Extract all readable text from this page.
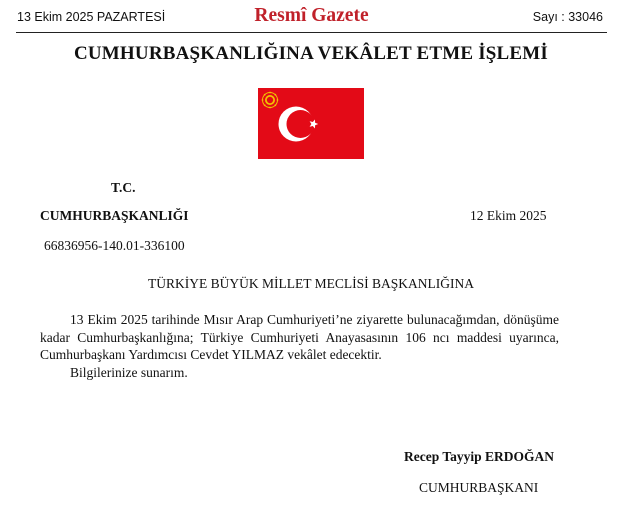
13 Ekim 2025 PAZARTESİ	Resmî Gazete	Sayı : 33046
CUMHURBAŞKANLIĞINA VEKÂLET ETME İŞLEMİ
T.C.
CUMHURBAŞKANLIĞI	12 Ekim 2025
66836956-140.01-336100
TÜRKİYE BÜYÜK MİLLET MECLİSİ BAŞKANLIĞINA

13 Ekim 2025 tarihinde Mısır Arap Cumhuriyeti’ne ziyarette bulunacağımdan, dönüşüme kadar Cumhurbaşkanlığına; Türkiye Cumhuriyeti Anayasasının 106 ncı maddesi uyarınca, Cumhurbaşkanı Yardımcısı Cevdet YILMAZ vekâlet edecektir.

Bilgilerinize sunarım.

Recep Tayyip ERDOĞAN
CUMHURBAŞKANI
